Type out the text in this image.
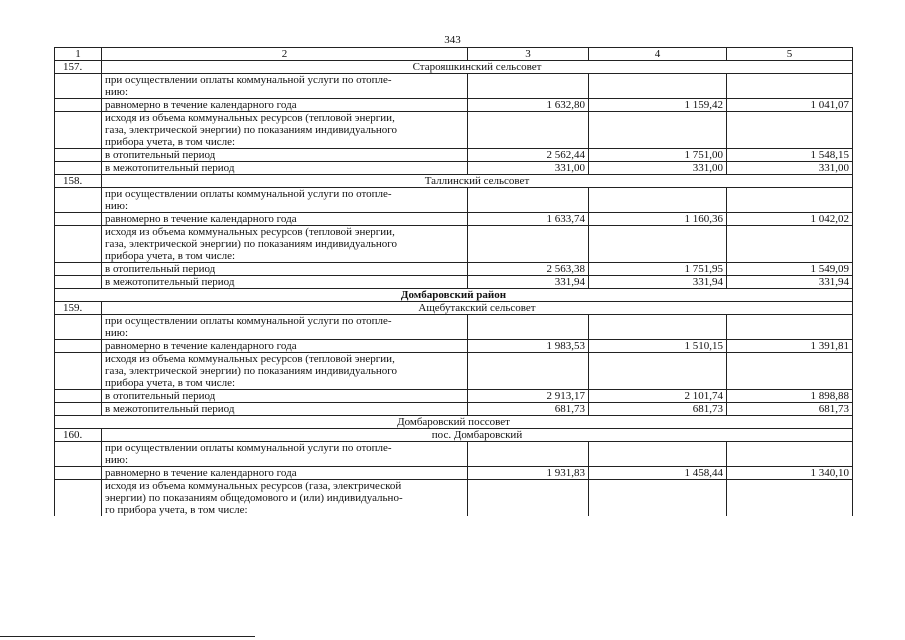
343
1	2	3	4	5
157.	Старояшкинский сельсовет			
	при осуществлении оплаты коммунальной услуги по отопле-
нию:			
	равномерно в течение календарного года	1 632,80	1 159,42	1 041,07
	исходя из объема коммунальных ресурсов (тепловой энергии,
газа, электрической энергии) по показаниям индивидуального
прибора учета, в том числе:			
	в отопительный период	2 562,44	1 751,00	1 548,15
	в межотопительный период	331,00	331,00	331,00
158.	Таллинский сельсовет			
	при осуществлении оплаты коммунальной услуги по отопле-
нию:			
	равномерно в течение календарного года	1 633,74	1 160,36	1 042,02
	исходя из объема коммунальных ресурсов (тепловой энергии,
газа, электрической энергии) по показаниям индивидуального
прибора учета, в том числе:			
	в отопительный период	2 563,38	1 751,95	1 549,09
	в межотопительный период	331,94	331,94	331,94
Домбаровский район				
159.	Ащебутакский сельсовет			
	при осуществлении оплаты коммунальной услуги по отопле-
нию:			
	равномерно в течение календарного года	1 983,53	1 510,15	1 391,81
	исходя из объема коммунальных ресурсов (тепловой энергии,
газа, электрической энергии) по показаниям индивидуального
прибора учета, в том числе:			
	в отопительный период	2 913,17	2 101,74	1 898,88
	в межотопительный период	681,73	681,73	681,73
Домбаровский поссовет				
160.	пос. Домбаровский			
	при осуществлении оплаты коммунальной услуги по отопле-
нию:			
	равномерно в течение календарного года	1 931,83	1 458,44	1 340,10
	исходя из объема коммунальных ресурсов (газа, электрической
энергии) по показаниям общедомового и (или) индивидуально-
го прибора учета, в том числе:			
